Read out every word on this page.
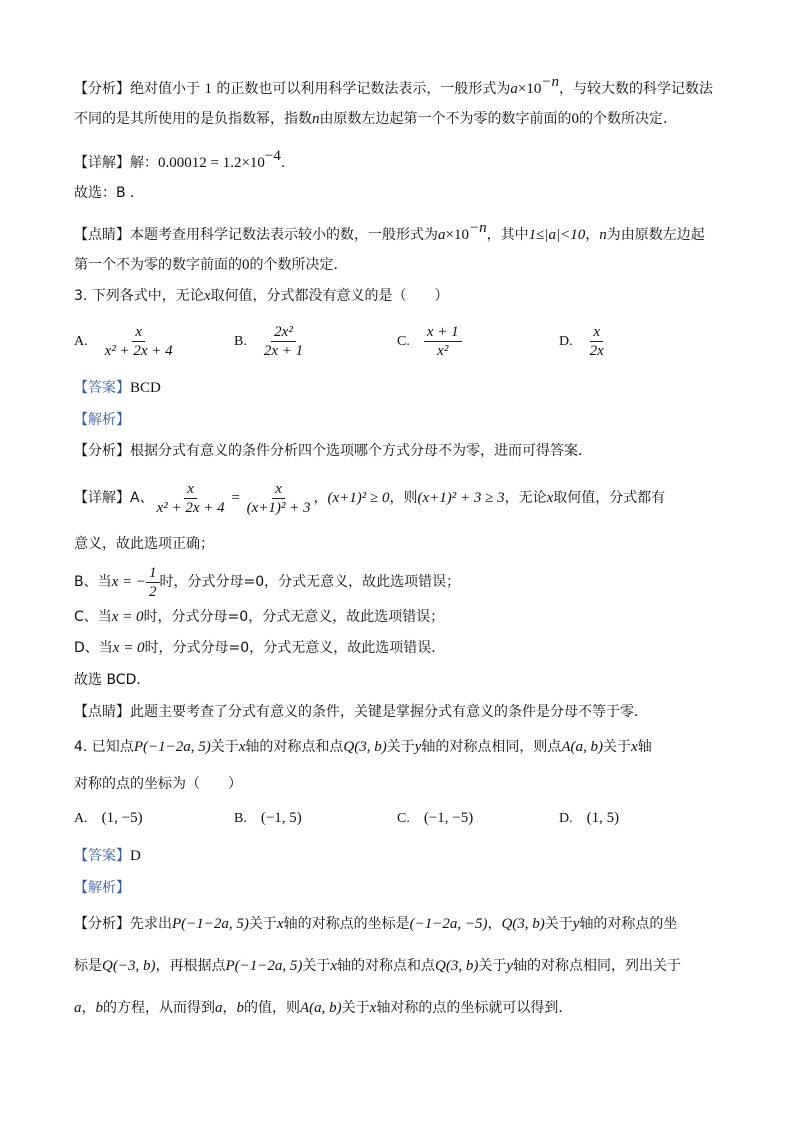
【分析】绝对值小于 1 的正数也可以利用科学记数法表示，一般形式为$a\times 10^{-n}$，与较大数的科学记数法
不同的是其所使用的是负指数幂，指数n由原数左边起第一个不为零的数字前面的0的个数所决定．
【详解】解：$0.00012 = 1.2\times 10^{-4}$.
故选：B ．
【点睛】本题考查用科学记数法表示较小的数，一般形式为$a\times 10^{-n}$，其中1≤|a|<10，n为由原数左边起
第一个不为零的数字前面的0的个数所决定．
3. 下列各式中，无论x取何值，分式都没有意义的是（　　）
A. $\frac{x}{\text{x² + 2x + 4}}$	B. $\frac{\text{2x²}}{2x + 1}$	C. $\frac{x + 1}{\text{x²}}$	D. $\frac{x}{2x}$
【答案】BCD
【解析】
【分析】根据分式有意义的条件分析四个选项哪个方式分母不为零，进而可得答案．
【详解】A、 $\frac{x}{\text{x² + 2x + 4}} = \frac{x}{\text{(x+1)² + 3}}$ ，(x+1)² ≥ 0，则(x+1)² + 3 ≥ 3，无论x取何值，分式都有
意义，故此选项正确；
B、当x = − $\frac{1}{2}$ 时，分式分母=0，分式无意义，故此选项错误；
C、当x = 0时，分式分母=0，分式无意义，故此选项错误；
D、当x = 0时，分式分母=0，分式无意义，故此选项错误．
故选 BCD．
【点睛】此题主要考查了分式有意义的条件，关键是掌握分式有意义的条件是分母不等于零．
4. 已知点P(−1−2a, 5)关于x轴的对称点和点Q(3, b)关于y轴的对称点相同，则点A(a, b)关于x轴
对称的点的坐标为（　　）
A. (1, −5)	B. (−1, 5)	C. (−1, −5)	D. (1, 5)
【答案】D
【解析】
【分析】先求出P(−1−2a, 5)关于x轴的对称点的坐标是(−1−2a, −5)，Q(3, b)关于y轴的对称点的坐
标是Q(−3, b)，再根据点P(−1−2a, 5)关于x轴的对称点和点Q(3, b)关于y轴的对称点相同，列出关于
a，b的方程，从而得到a，b的值，则A(a, b)关于x轴对称的点的坐标就可以得到．
